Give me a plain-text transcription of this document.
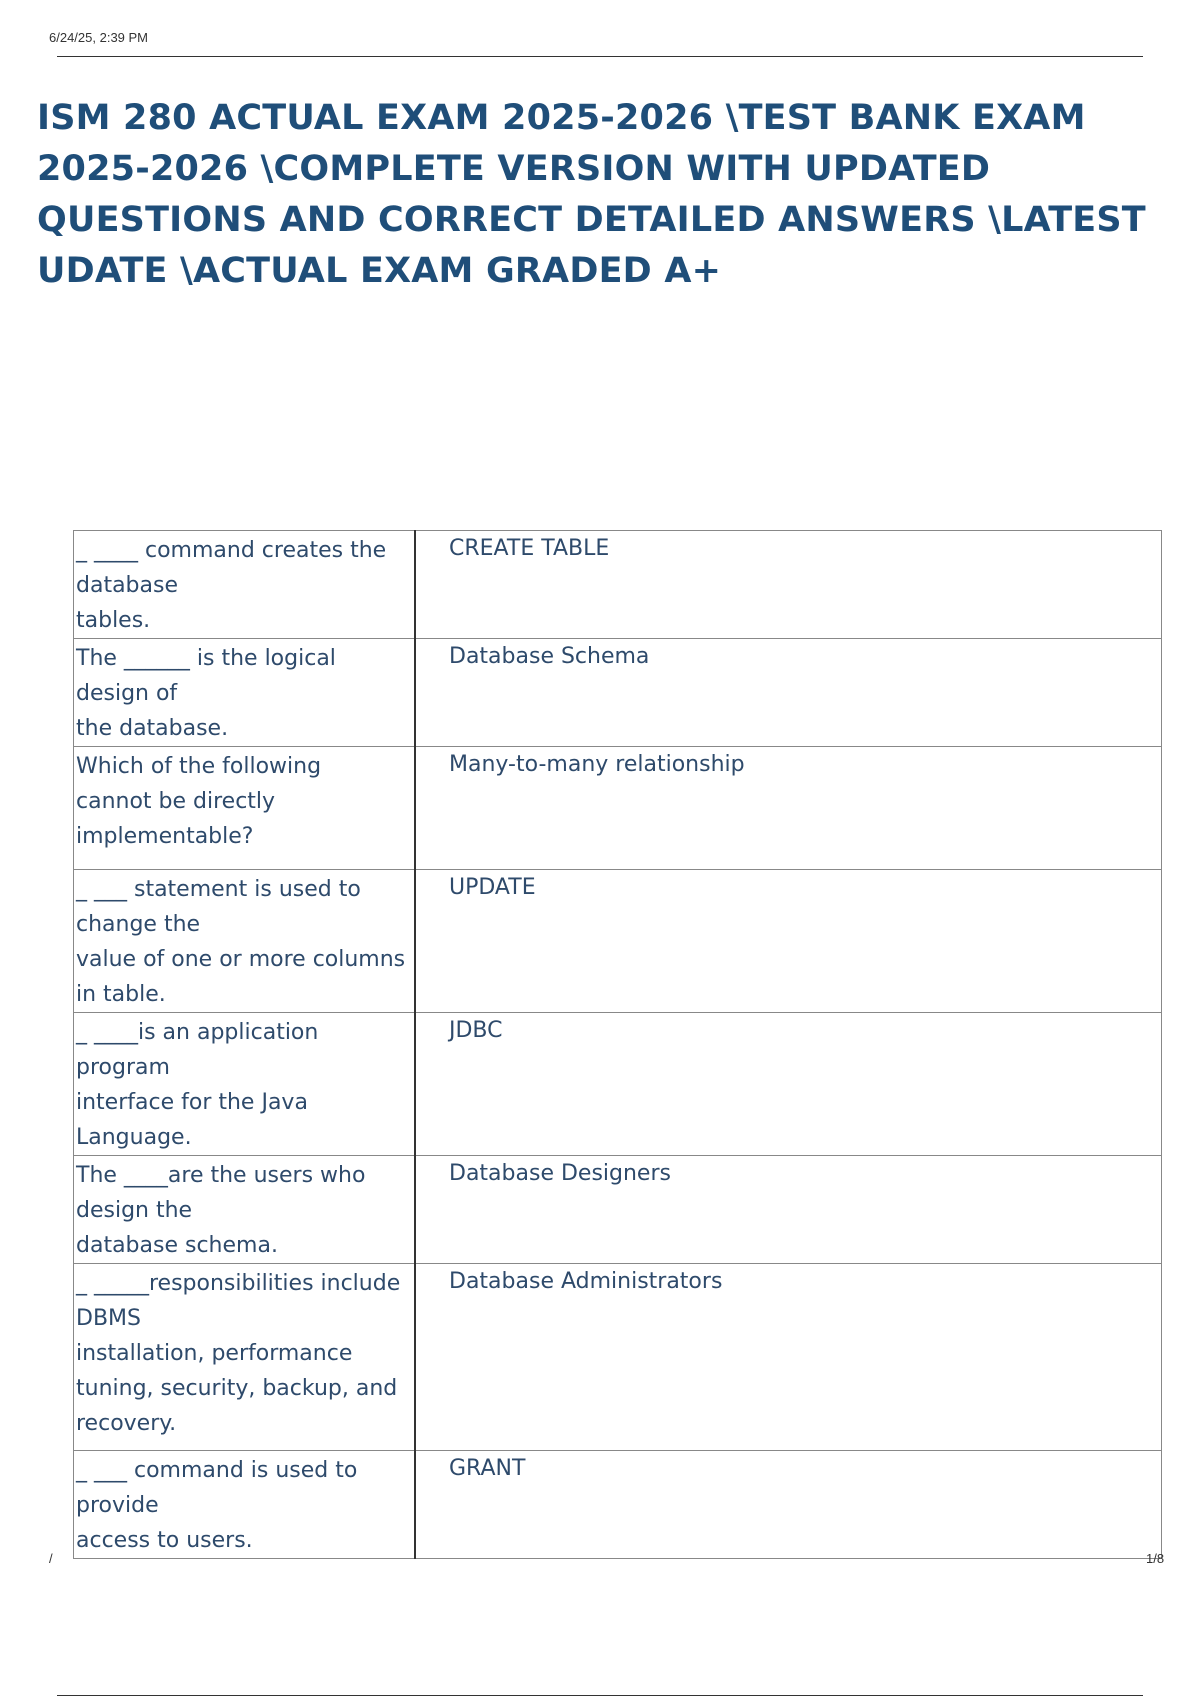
6/24/25, 2:39 PM
ISM 280 ACTUAL EXAM 2025-2026 \TEST BANK EXAM
2025-2026 \COMPLETE VERSION WITH UPDATED
QUESTIONS AND CORRECT DETAILED ANSWERS \LATEST
UDATE \ACTUAL EXAM GRADED A+
_ ____ command creates the
database
tables.	CREATE TABLE

The ______ is the logical
design of
the database.	Database Schema

Which of the following
cannot be directly
implementable?	Many-to-many relationship

_ ___ statement is used to
change the
value of one or more columns
in table.	UPDATE

_ ____is an application
program
interface for the Java
Language.	JDBC

The ____are the users who
design the
database schema.	Database Designers

_ _____responsibilities include
DBMS
installation, performance
tuning, security, backup, and
recovery.	Database Administrators

_ ___ command is used to
provide
access to users.	GRANT
/	1/8
